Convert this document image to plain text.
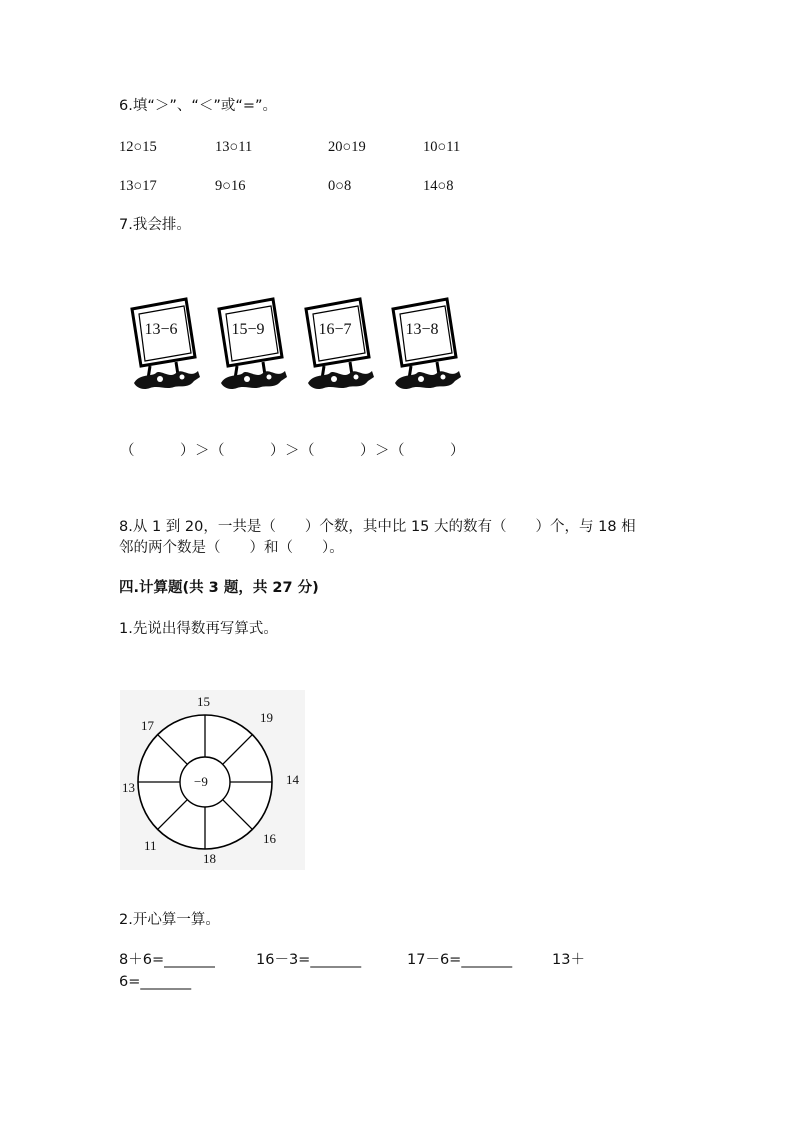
6.填“＞”、“＜”或“=”。
12○15	13○11	20○19	10○11
13○17	9○16	0○8	14○8
7.我会排。
13−6	15−9	16−7	13−8
（　　　）＞（　　　）＞（　　　）＞（　　　）
8.从 1 到 20，一共是（　　）个数，其中比 15 大的数有（　　）个，与 18 相
邻的两个数是（　　）和（　　）。
四.计算题(共 3 题，共 27 分)
1.先说出得数再写算式。
−9
15
19
14
16
18
11
13
17
2.开心算一算。
8＋6=_______	16－3=_______	17－6=_______	13＋
6=_______
